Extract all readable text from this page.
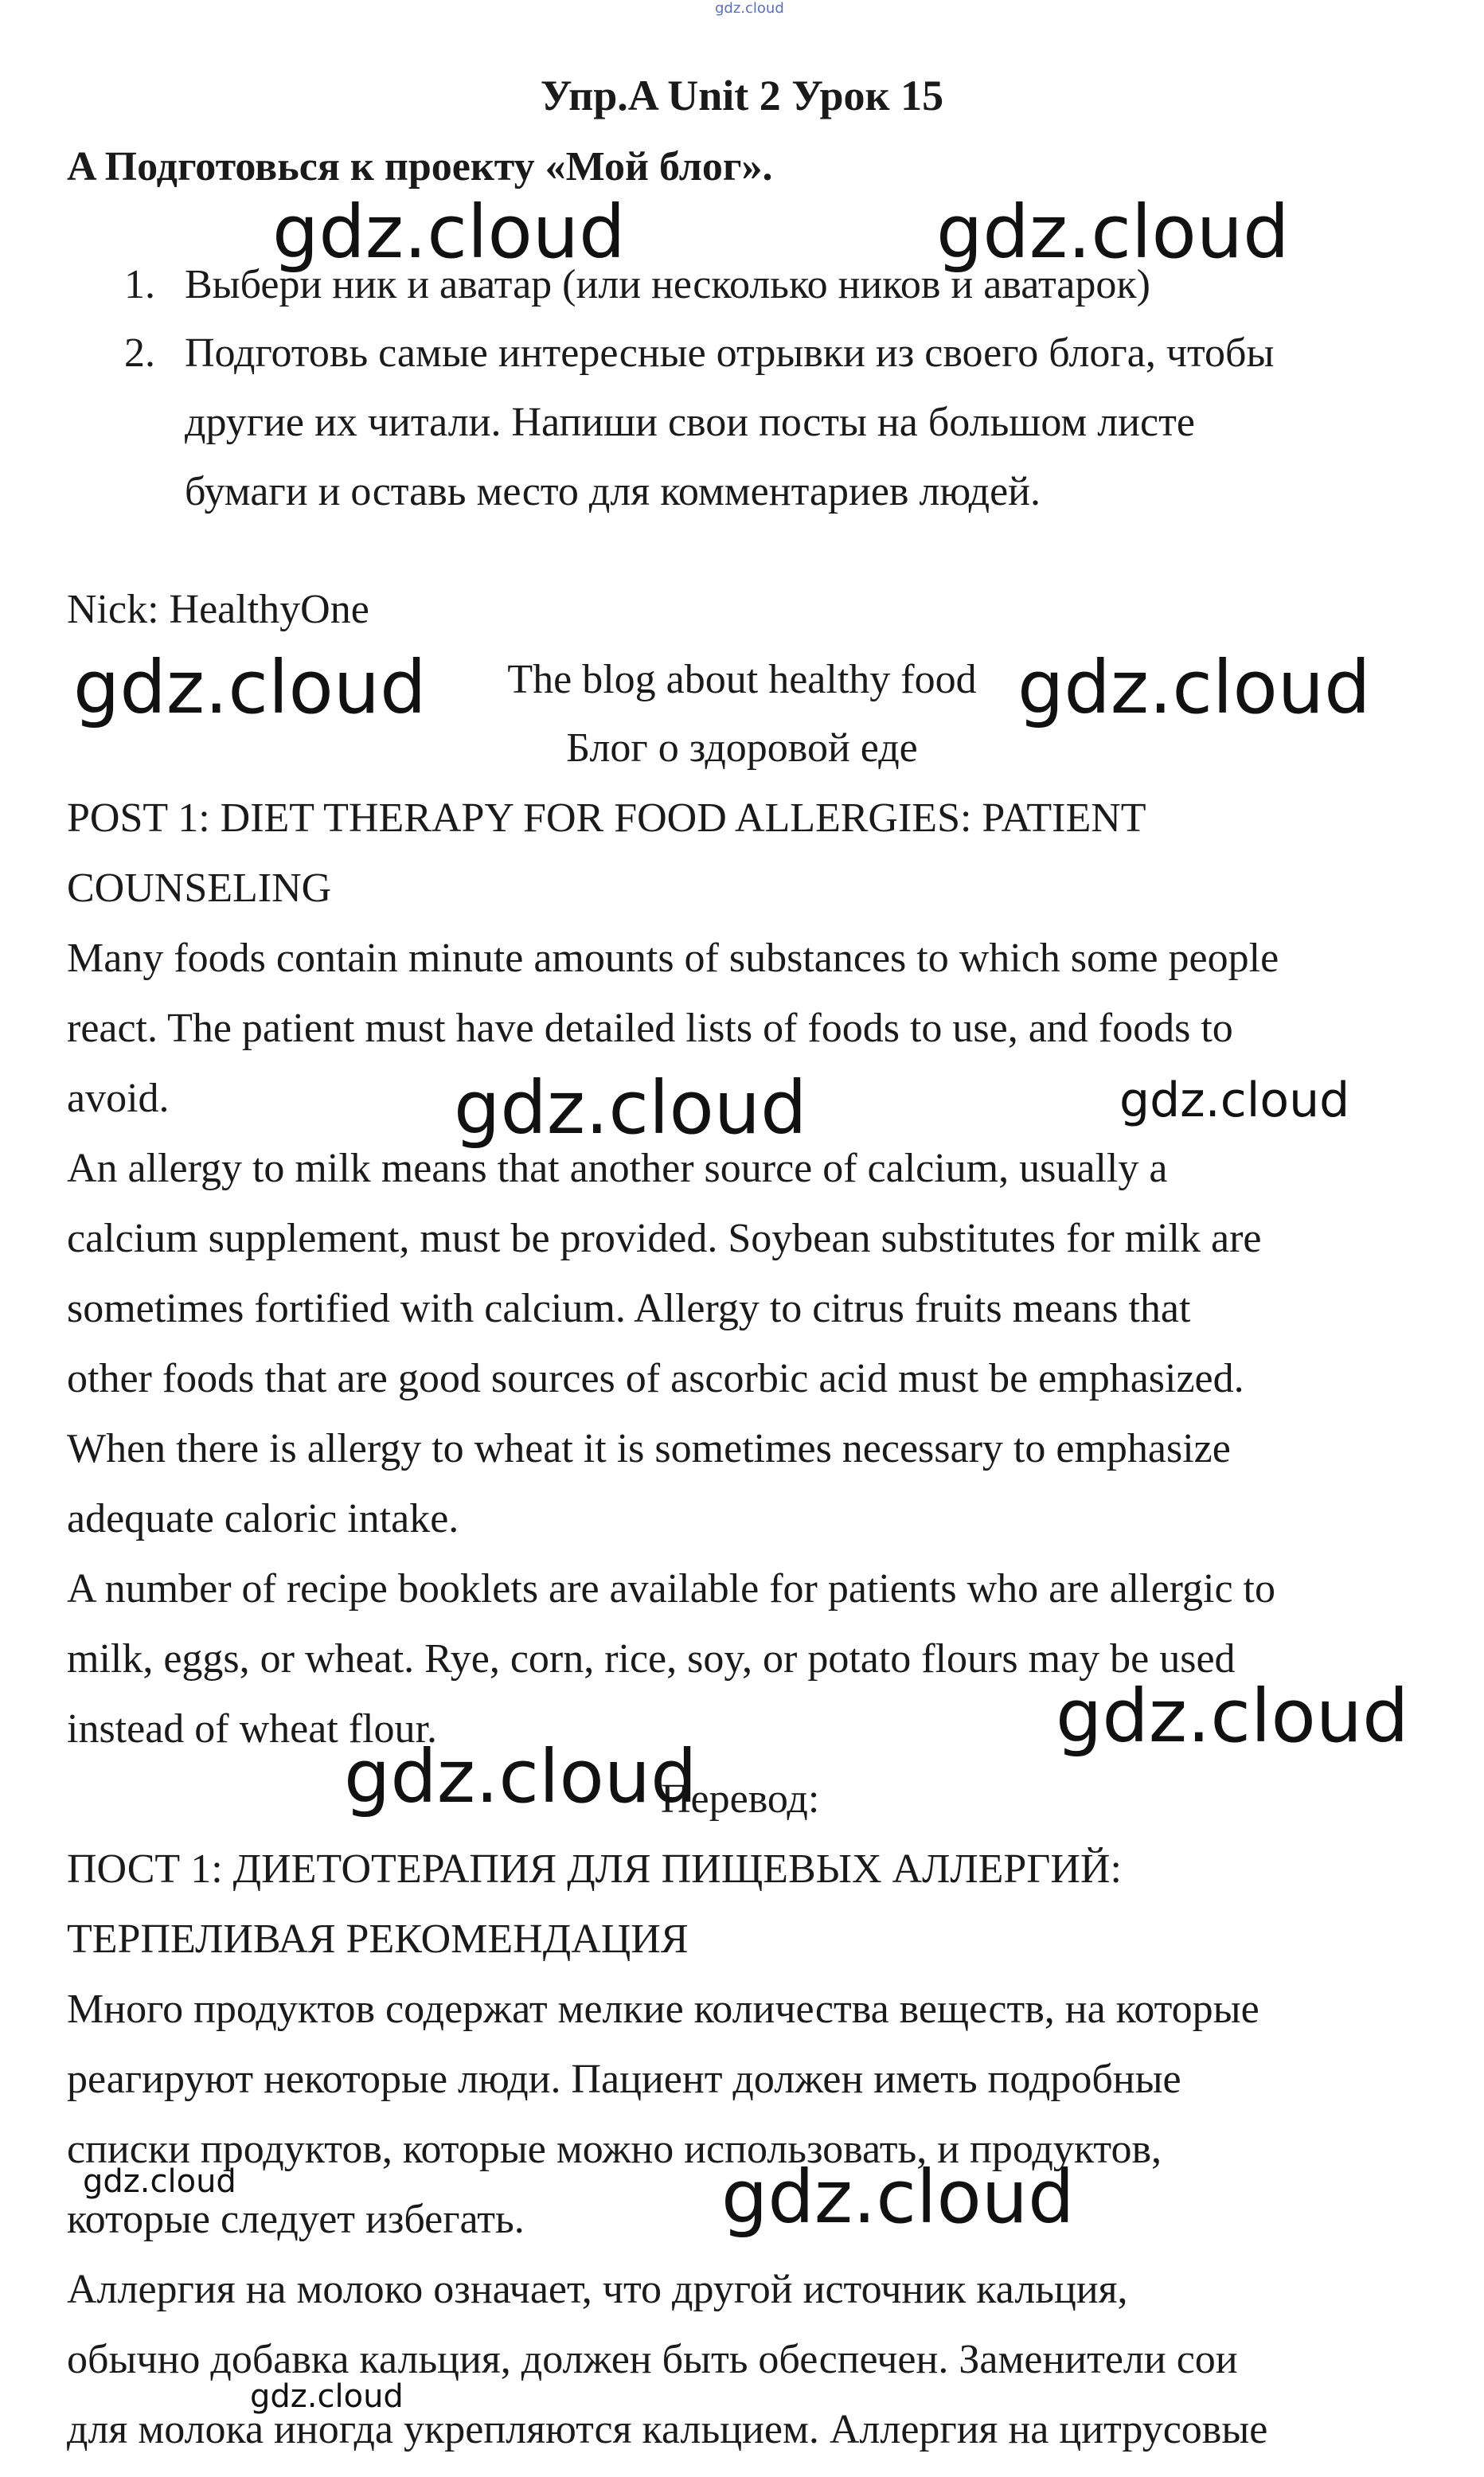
gdz.cloud
Упр.A Unit 2 Урок 15
A Подготовься к проекту «Мой блог».
1. Выбери ник и аватар (или несколько ников и аватарок)
2. Подготовь самые интересные отрывки из своего блога, чтобы
другие их читали. Напиши свои посты на большом листе
бумаги и оставь место для комментариев людей.
Nick: HealthyOne
The blog about healthy food
Блог о здоровой еде
POST 1: DIET THERAPY FOR FOOD ALLERGIES: PATIENT
COUNSELING
Many foods contain minute amounts of substances to which some people
react. The patient must have detailed lists of foods to use, and foods to
avoid.
An allergy to milk means that another source of calcium, usually a
calcium supplement, must be provided. Soybean substitutes for milk are
sometimes fortified with calcium. Allergy to citrus fruits means that
other foods that are good sources of ascorbic acid must be emphasized.
When there is allergy to wheat it is sometimes necessary to emphasize
adequate caloric intake.
A number of recipe booklets are available for patients who are allergic to
milk, eggs, or wheat. Rye, corn, rice, soy, or potato flours may be used
instead of wheat flour.
Перевод:
ПОСТ 1: ДИЕТОТЕРАПИЯ ДЛЯ ПИЩЕВЫХ АЛЛЕРГИЙ:
ТЕРПЕЛИВАЯ РЕКОМЕНДАЦИЯ
Много продуктов содержат мелкие количества веществ, на которые
реагируют некоторые люди. Пациент должен иметь подробные
списки продуктов, которые можно использовать, и продуктов,
которые следует избегать.
Аллергия на молоко означает, что другой источник кальция,
обычно добавка кальция, должен быть обеспечен. Заменители сои
для молока иногда укрепляются кальцием. Аллергия на цитрусовые
gdz.cloud	gdz.cloud
gdz.cloud	gdz.cloud
gdz.cloud	gdz.cloud
gdz.cloud
gdz.cloud
gdz.cloud	gdz.cloud
gdz.cloud
